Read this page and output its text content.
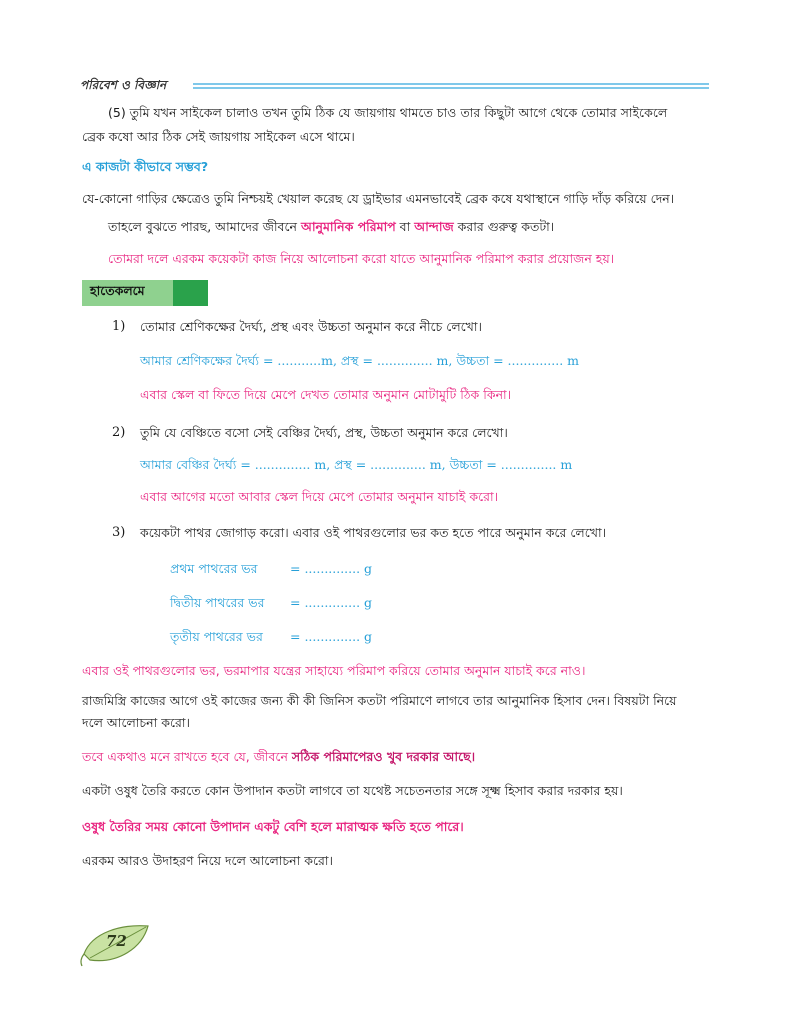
পরিবেশ ও বিজ্ঞান
(5) তুমি যখন সাইকেল চালাও তখন তুমি ঠিক যে জায়গায় থামতে চাও তার কিছুটা আগে থেকে তোমার সাইকেলে
ব্রেক কষো আর ঠিক সেই জায়গায় সাইকেল এসে থামে।
এ কাজটা কীভাবে সম্ভব?
যে-কোনো গাড়ির ক্ষেত্রেও তুমি নিশ্চয়ই খেয়াল করেছ যে ড্রাইভার এমনভাবেই ব্রেক কষে যথাস্থানে গাড়ি দাঁড় করিয়ে দেন।
তাহলে বুঝতে পারছ, আমাদের জীবনে আনুমানিক পরিমাপ বা আন্দাজ করার গুরুত্ব কতটা।
তোমরা দলে এরকম কয়েকটা কাজ নিয়ে আলোচনা করো যাতে আনুমানিক পরিমাপ করার প্রয়োজন হয়।
হাতেকলমে
1) তোমার শ্রেণিকক্ষের দৈর্ঘ্য, প্রস্থ এবং উচ্চতা অনুমান করে নীচে লেখো।
আমার শ্রেণিকক্ষের দৈর্ঘ্য = ...........m, প্রস্থ = .............. m, উচ্চতা = .............. m
এবার স্কেল বা ফিতে দিয়ে মেপে দেখত তোমার অনুমান মোটামুটি ঠিক কিনা।
2) তুমি যে বেঞ্চিতে বসো সেই বেঞ্চির দৈর্ঘ্য, প্রস্থ, উচ্চতা অনুমান করে লেখো।
আমার বেঞ্চির দৈর্ঘ্য = .............. m, প্রস্থ = .............. m, উচ্চতা = .............. m
এবার আগের মতো আবার স্কেল দিয়ে মেপে তোমার অনুমান যাচাই করো।
3) কয়েকটা পাথর জোগাড় করো। এবার ওই পাথরগুলোর ভর কত হতে পারে অনুমান করে লেখো।
প্রথম পাথরের ভর	= .............. g
দ্বিতীয় পাথরের ভর = .............. g
তৃতীয় পাথরের ভর = .............. g
এবার ওই পাথরগুলোর ভর, ভরমাপার যন্ত্রের সাহায্যে পরিমাপ করিয়ে তোমার অনুমান যাচাই করে নাও।
রাজমিস্ত্রি কাজের আগে ওই কাজের জন্য কী কী জিনিস কতটা পরিমাণে লাগবে তার আনুমানিক হিসাব দেন। বিষয়টা নিয়ে
দলে আলোচনা করো।
তবে একথাও মনে রাখতে হবে যে, জীবনে সঠিক পরিমাপেরও খুব দরকার আছে।
একটা ওষুধ তৈরি করতে কোন উপাদান কতটা লাগবে তা যথেষ্ট সচেতনতার সঙ্গে সূক্ষ্ম হিসাব করার দরকার হয়।
ওষুধ তৈরির সময় কোনো উপাদান একটু বেশি হলে মারাত্মক ক্ষতি হতে পারে।
এরকম আরও উদাহরণ নিয়ে দলে আলোচনা করো।
72
